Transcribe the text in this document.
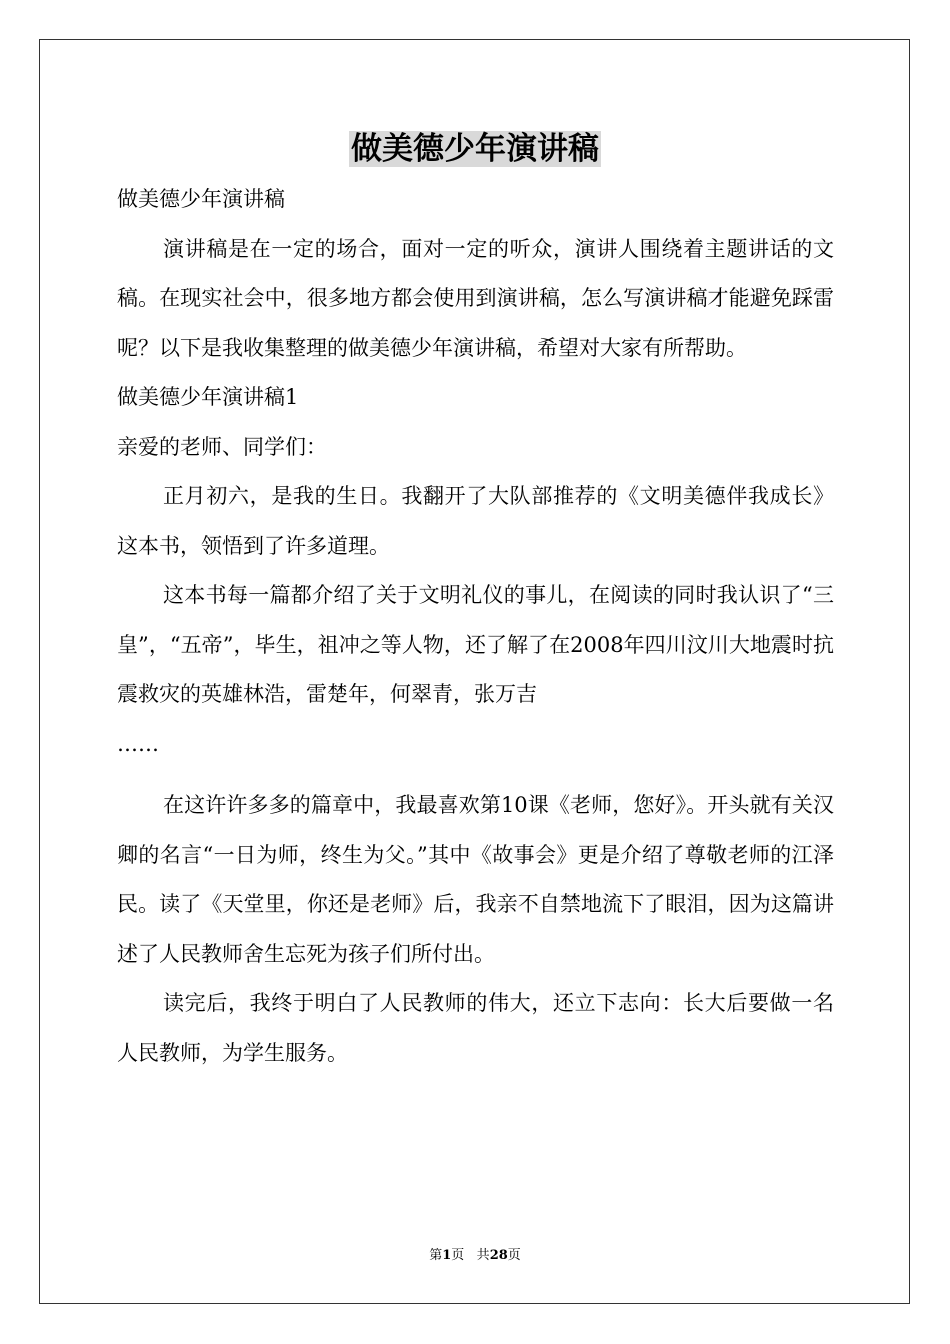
做美德少年演讲稿

做美德少年演讲稿

演讲稿是在一定的场合，面对一定的听众，演讲人围绕着主题讲话的文稿。在现实社会中，很多地方都会使用到演讲稿，怎么写演讲稿才能避免踩雷呢？以下是我收集整理的做美德少年演讲稿，希望对大家有所帮助。

做美德少年演讲稿1

亲爱的老师、同学们：

正月初六，是我的生日。我翻开了大队部推荐的《文明美德伴我成长》这本书，领悟到了许多道理。

这本书每一篇都介绍了关于文明礼仪的事儿，在阅读的同时我认识了“三皇”，“五帝”，毕生，祖冲之等人物，还了解了在2008年四川汶川大地震时抗震救灾的英雄林浩，雷楚年，何翠青，张万吉

……

在这许许多多的篇章中，我最喜欢第10课《老师，您好》。开头就有关汉卿的名言“一日为师，终生为父。”其中《故事会》更是介绍了尊敬老师的江泽民。读了《天堂里，你还是老师》后，我亲不自禁地流下了眼泪，因为这篇讲述了人民教师舍生忘死为孩子们所付出。

读完后，我终于明白了人民教师的伟大，还立下志向：长大后要做一名人民教师，为学生服务。

第1页 共28页
